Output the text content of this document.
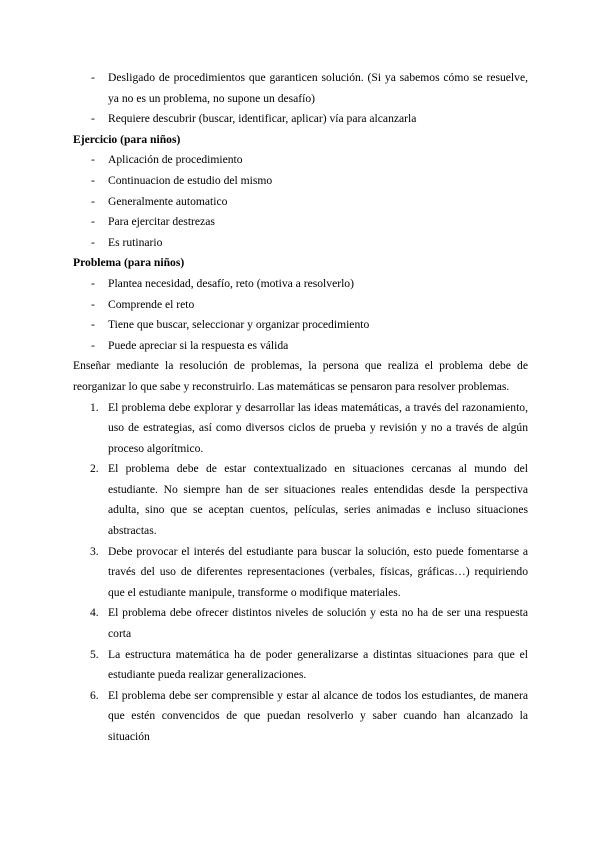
-	Desligado de procedimientos que garanticen solución. (Si ya sabemos cómo se resuelve, ya no es un problema, no supone un desafío)
-	Requiere descubrir (buscar, identificar, aplicar) vía para alcanzarla
Ejercicio (para niños)
-	Aplicación de procedimiento
-	Continuacion de estudio del mismo
-	Generalmente automatico
-	Para ejercitar destrezas
-	Es rutinario
Problema (para niños)
-	Plantea necesidad, desafío, reto (motiva a resolverlo)
-	Comprende el reto
-	Tiene que buscar, seleccionar y organizar procedimiento
-	Puede apreciar si la respuesta es válida
Enseñar mediante la resolución de problemas, la persona que realiza el problema debe de reorganizar lo que sabe y reconstruirlo. Las matemáticas se pensaron para resolver problemas.
1. El problema debe explorar y desarrollar las ideas matemáticas, a través del razonamiento, uso de estrategias, así como diversos ciclos de prueba y revisión y no a través de algún proceso algorítmico.
2. El problema debe de estar contextualizado en situaciones cercanas al mundo del estudiante. No siempre han de ser situaciones reales entendidas desde la perspectiva adulta, sino que se aceptan cuentos, películas, series animadas e incluso situaciones abstractas.
3. Debe provocar el interés del estudiante para buscar la solución, esto puede fomentarse a través del uso de diferentes representaciones (verbales, físicas, gráficas…) requiriendo que el estudiante manipule, transforme o modifique materiales.
4. El problema debe ofrecer distintos niveles de solución y esta no ha de ser una respuesta corta
5. La estructura matemática ha de poder generalizarse a distintas situaciones para que el estudiante pueda realizar generalizaciones.
6. El problema debe ser comprensible y estar al alcance de todos los estudiantes, de manera que estén convencidos de que puedan resolverlo y saber cuando han alcanzado la situación
